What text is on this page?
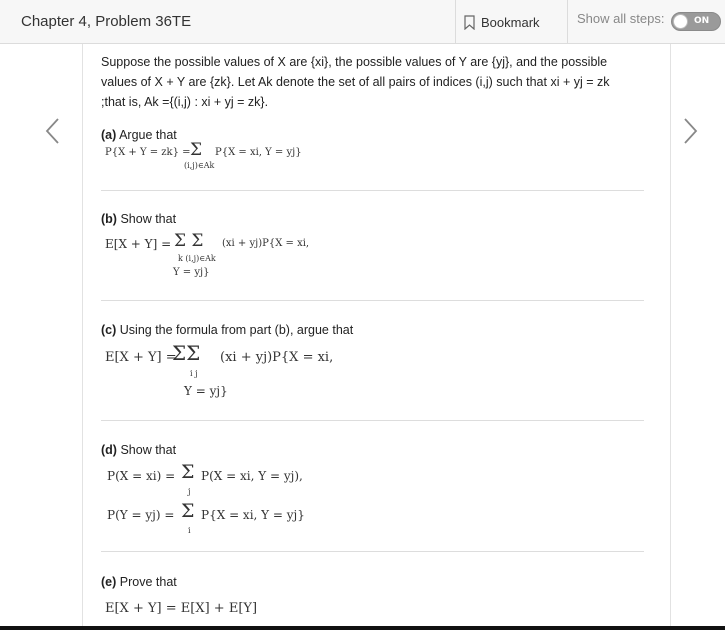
Chapter 4, Problem 36TE	Bookmark	Show all steps:	ON

Suppose the possible values of X are {xi}, the possible values of Y are {yj}, and the possible
values of X + Y are {zk}. Let Ak denote the set of all pairs of indices (i,j) such that xi + yj = zk
;that is, Ak ={(i,j) : xi + yj = zk}.

(a) Argue that
P{X + Y = zk} = Σ P{X = xi, Y = yj}
(i,j)∈Ak
(b) Show that
E[X + Y] = Σ Σ (xi + yj)P{X = xi,
k (i,j)∈Ak
Y = yj}
(c) Using the formula from part (b), argue that
E[X + Y] =
ΣΣ (xi + yj)P{X = xi,
i j
Y = yj}
(d) Show that
P(X = xi) = Σ P(X = xi, Y = yj),
j
P(Y = yj) = Σ P{X = xi, Y = yj}
i
(e) Prove that
E[X + Y] = E[X] + E[Y]
